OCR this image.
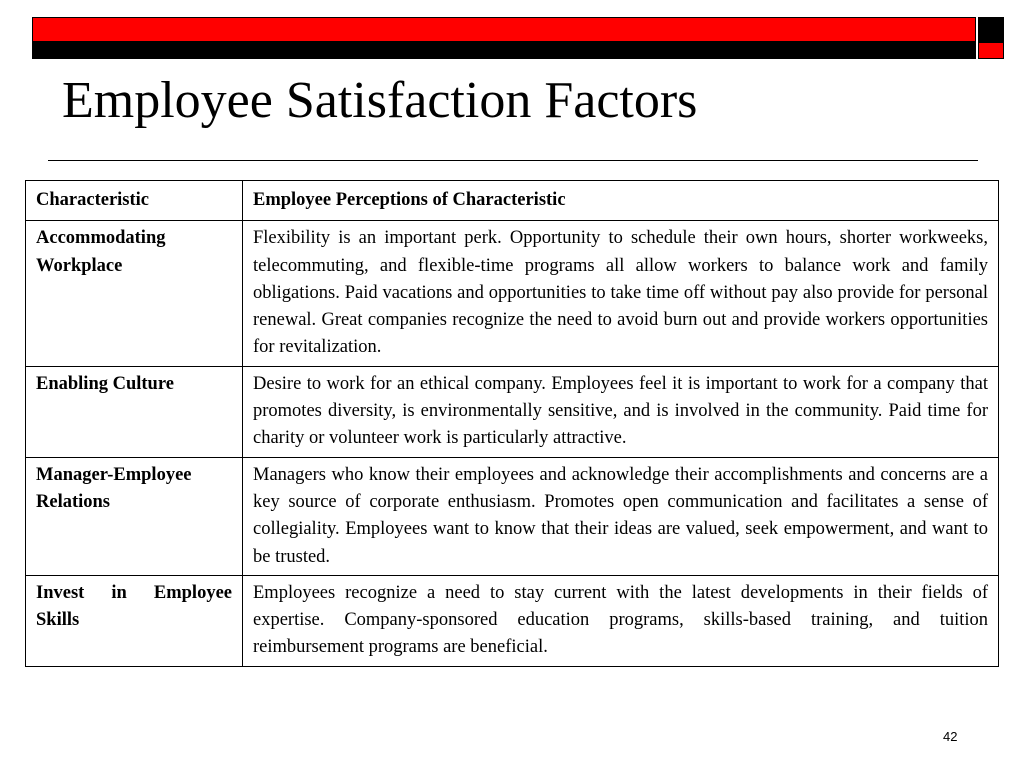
Employee Satisfaction Factors
Characteristic	Employee Perceptions of Characteristic
Accommodating Workplace	Flexibility is an important perk. Opportunity to schedule their own hours, shorter workweeks, telecommuting, and flexible-time programs all allow workers to balance work and family obligations. Paid vacations and opportunities to take time off without pay also provide for personal renewal. Great companies recognize the need to avoid burn out and provide workers opportunities for revitalization.
Enabling Culture	Desire to work for an ethical company. Employees feel it is important to work for a company that promotes diversity, is environmentally sensitive, and is involved in the community. Paid time for charity or volunteer work is particularly attractive.
Manager-Employee Relations	Managers who know their employees and acknowledge their accomplishments and concerns are a key source of corporate enthusiasm. Promotes open communication and facilitates a sense of collegiality. Employees want to know that their ideas are valued, seek empowerment, and want to be trusted.
Invest in Employee Skills	Employees recognize a need to stay current with the latest developments in their fields of expertise. Company-sponsored education programs, skills-based training, and tuition reimbursement programs are beneficial.
42
